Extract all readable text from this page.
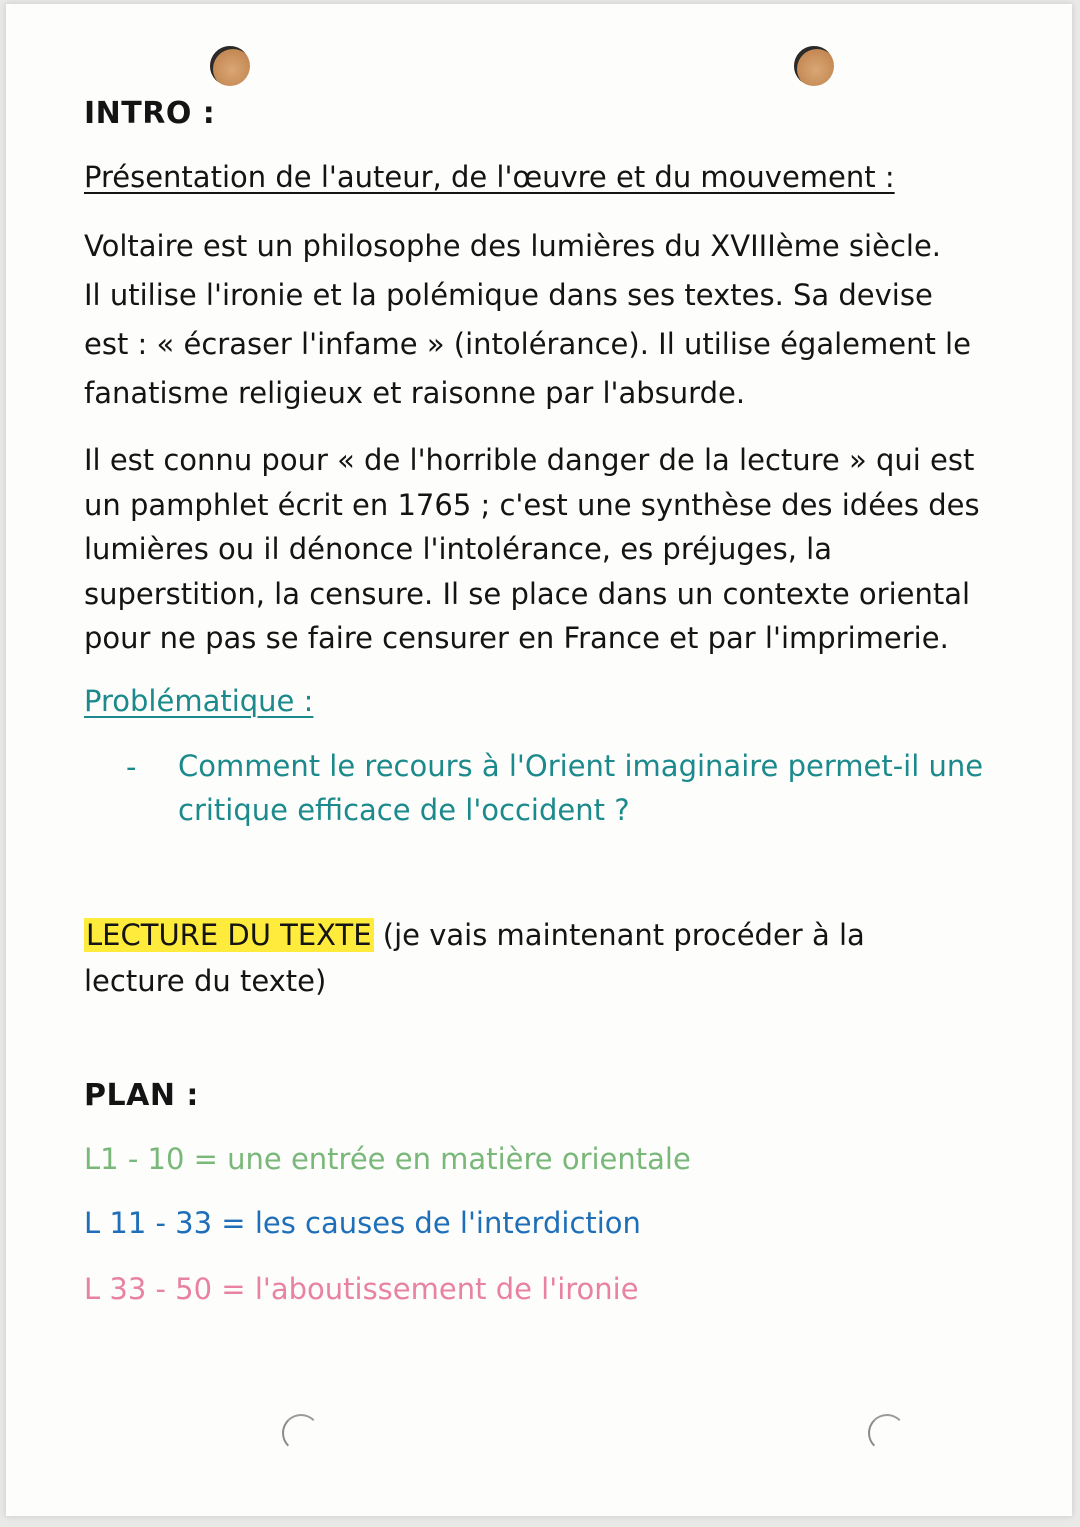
INTRO :
Présentation de l'auteur, de l'œuvre et du mouvement :
Voltaire est un philosophe des lumières du XVIIIème siècle.
Il utilise l'ironie et la polémique dans ses textes. Sa devise
est : « écraser l'infame » (intolérance). Il utilise également le
fanatisme religieux et raisonne par l'absurde.
Il est connu pour « de l'horrible danger de la lecture » qui est
un pamphlet écrit en 1765 ; c'est une synthèse des idées des
lumières ou il dénonce l'intolérance, es préjuges, la
superstition, la censure. Il se place dans un contexte oriental
pour ne pas se faire censurer en France et par l'imprimerie.
Problématique :
- Comment le recours à l'Orient imaginaire permet-il une
critique efficace de l'occident ?
LECTURE DU TEXTE (je vais maintenant procéder à la
lecture du texte)
PLAN :
L1 - 10 = une entrée en matière orientale
L 11 - 33 = les causes de l'interdiction
L 33 - 50 = l'aboutissement de l'ironie
